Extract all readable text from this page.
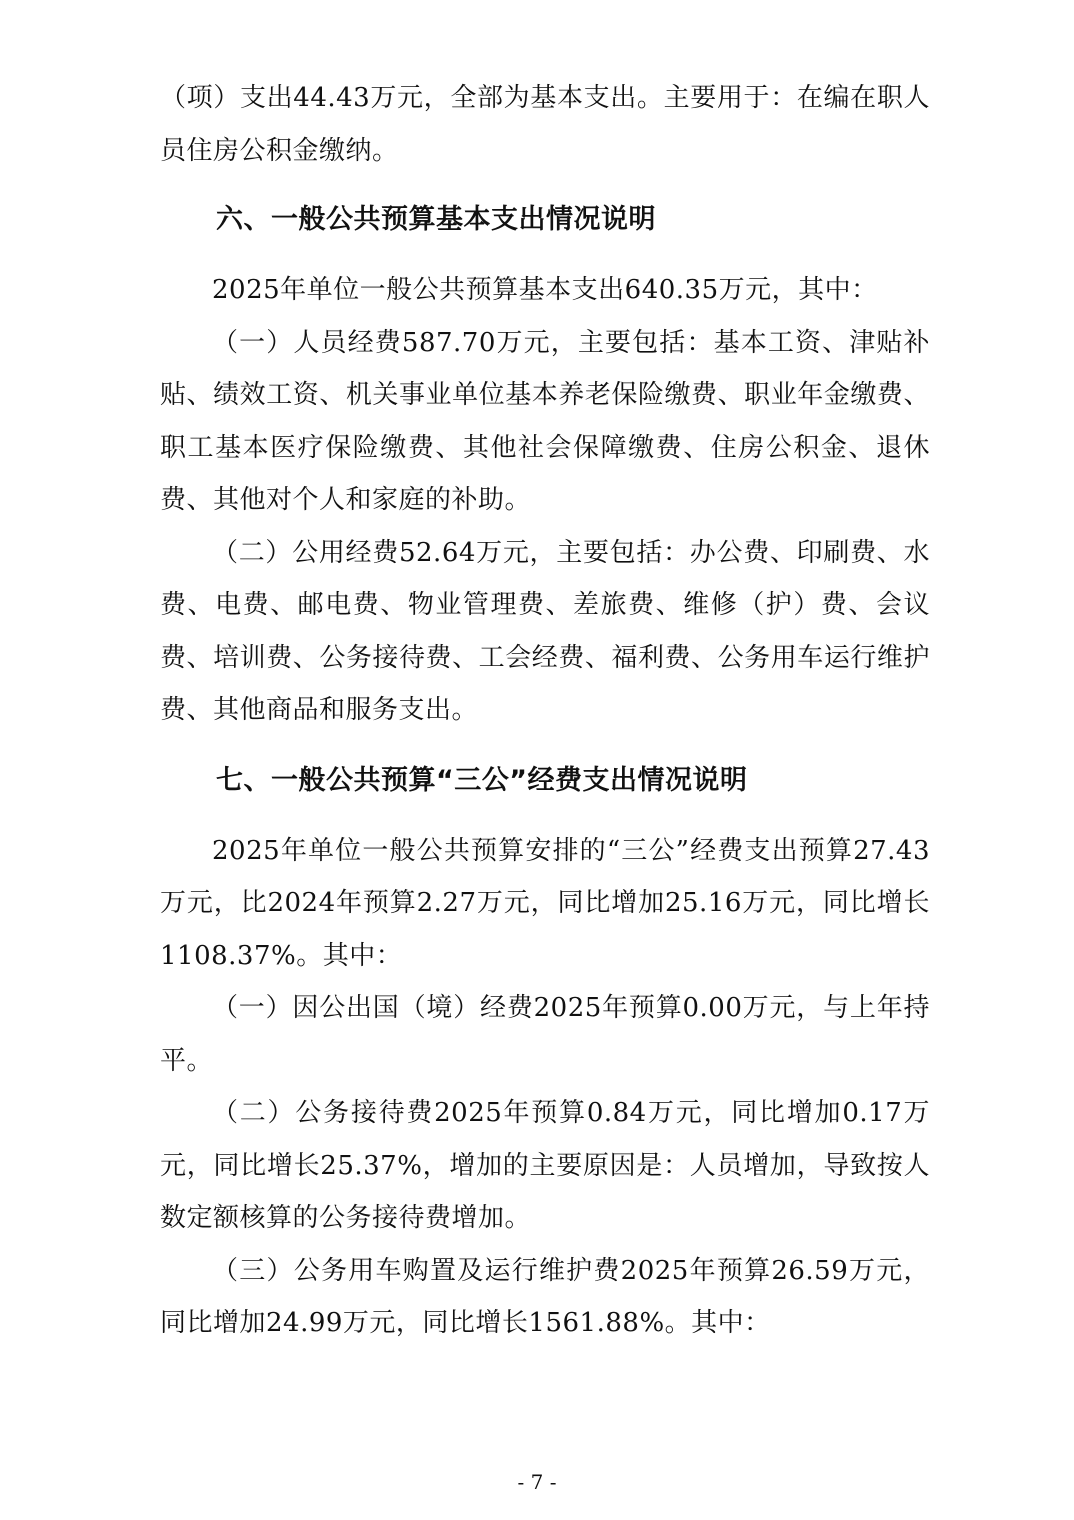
（项）支出44.43万元，全部为基本支出。主要用于：在编在职人员住房公积金缴纳。

六、一般公共预算基本支出情况说明

2025年单位一般公共预算基本支出640.35万元，其中：

（一）人员经费587.70万元，主要包括：基本工资、津贴补贴、绩效工资、机关事业单位基本养老保险缴费、职业年金缴费、职工基本医疗保险缴费、其他社会保障缴费、住房公积金、退休费、其他对个人和家庭的补助。

（二）公用经费52.64万元，主要包括：办公费、印刷费、水费、电费、邮电费、物业管理费、差旅费、维修（护）费、会议费、培训费、公务接待费、工会经费、福利费、公务用车运行维护费、其他商品和服务支出。

七、一般公共预算“三公”经费支出情况说明

2025年单位一般公共预算安排的“三公”经费支出预算27.43万元，比2024年预算2.27万元，同比增加25.16万元，同比增长1108.37%。其中：

（一）因公出国（境）经费2025年预算0.00万元，与上年持平。

（二）公务接待费2025年预算0.84万元，同比增加0.17万元，同比增长25.37%，增加的主要原因是：人员增加，导致按人数定额核算的公务接待费增加。

（三）公务用车购置及运行维护费2025年预算26.59万元，同比增加24.99万元，同比增长1561.88%。其中：

- 7 -
